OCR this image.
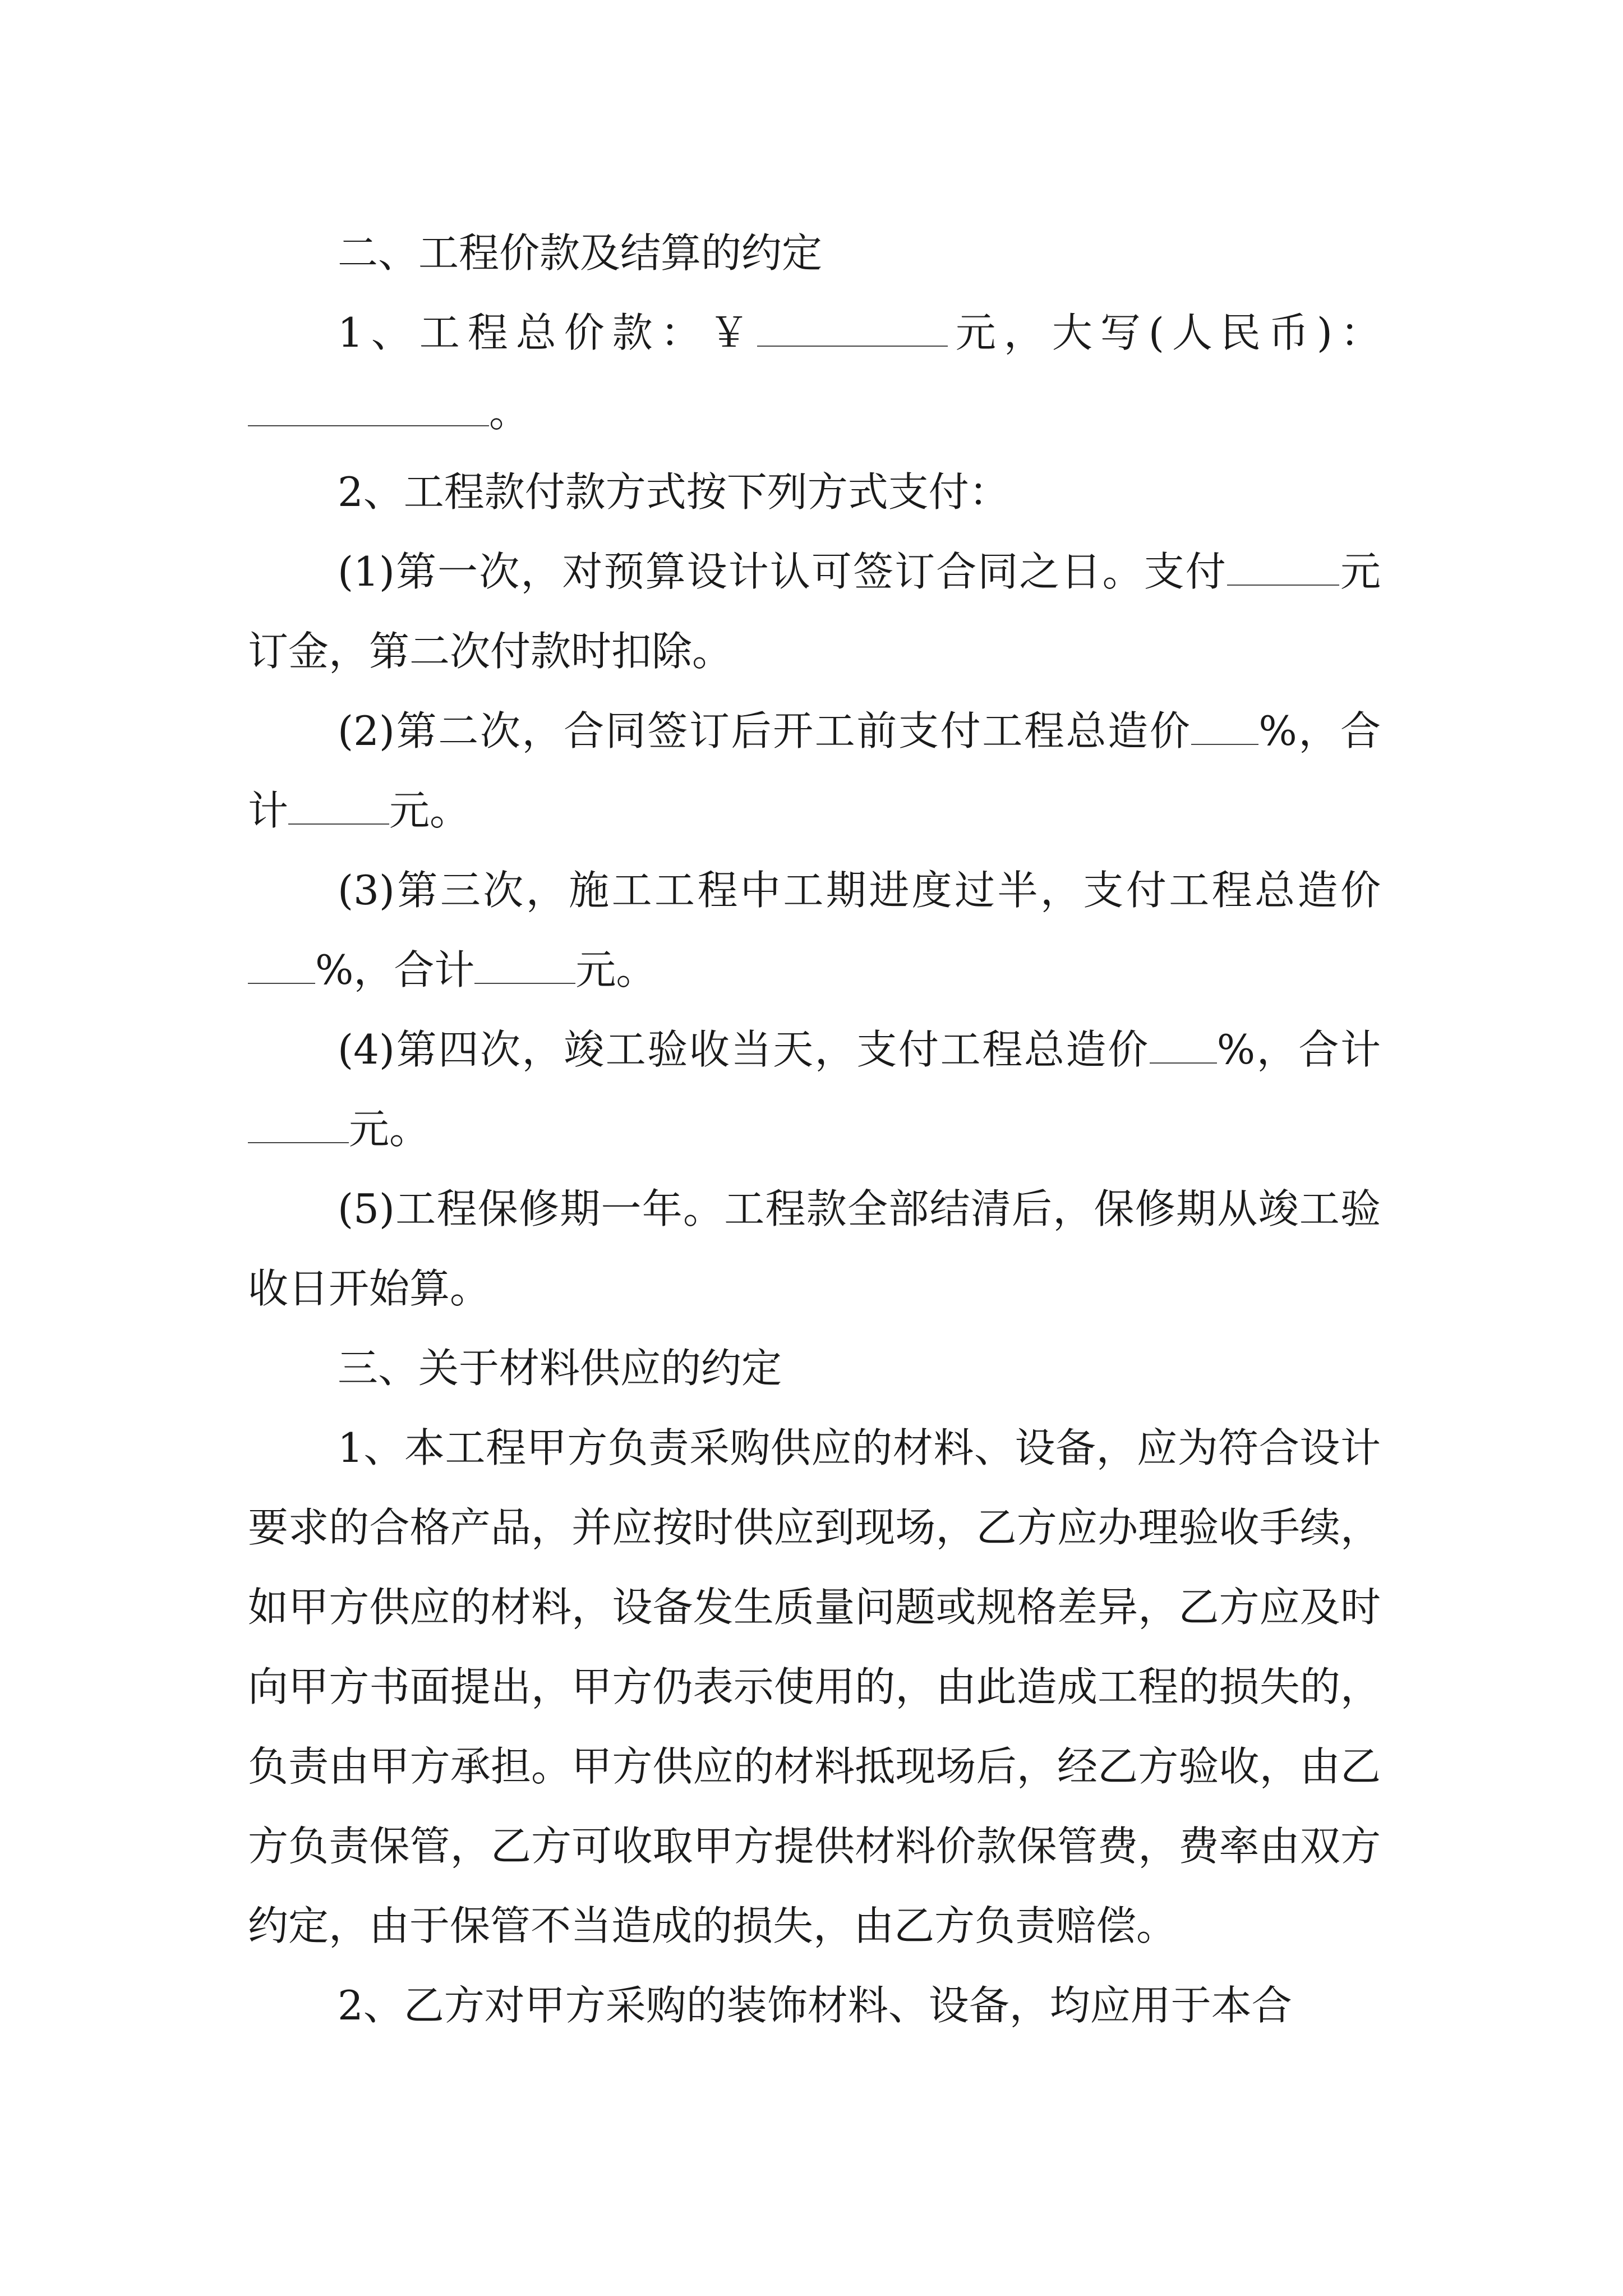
二、工程价款及结算的约定

1、工程总价款：￥	元，大写(人民币)：。

2、工程款付款方式按下列方式支付：

(1)第一次，对预算设计认可签订合同之日。支付	元订金，第二次付款时扣除。

(2)第二次，合同签订后开工前支付工程总造价 %，合计	元。

(3)第三次，施工工程中工期进度过半，支付工程总造价%，合计	元。

(4)第四次，竣工验收当天，支付工程总造价 %，合计元。

(5)工程保修期一年。工程款全部结清后，保修期从竣工验收日开始算。

三、关于材料供应的约定

1、本工程甲方负责采购供应的材料、设备，应为符合设计要求的合格产品，并应按时供应到现场，乙方应办理验收手续，如甲方供应的材料，设备发生质量问题或规格差异，乙方应及时向甲方书面提出，甲方仍表示使用的，由此造成工程的损失的，负责由甲方承担。甲方供应的材料抵现场后，经乙方验收，由乙方负责保管，乙方可收取甲方提供材料价款保管费，费率由双方约定，由于保管不当造成的损失，由乙方负责赔偿。

2、乙方对甲方采购的装饰材料、设备，均应用于本合
